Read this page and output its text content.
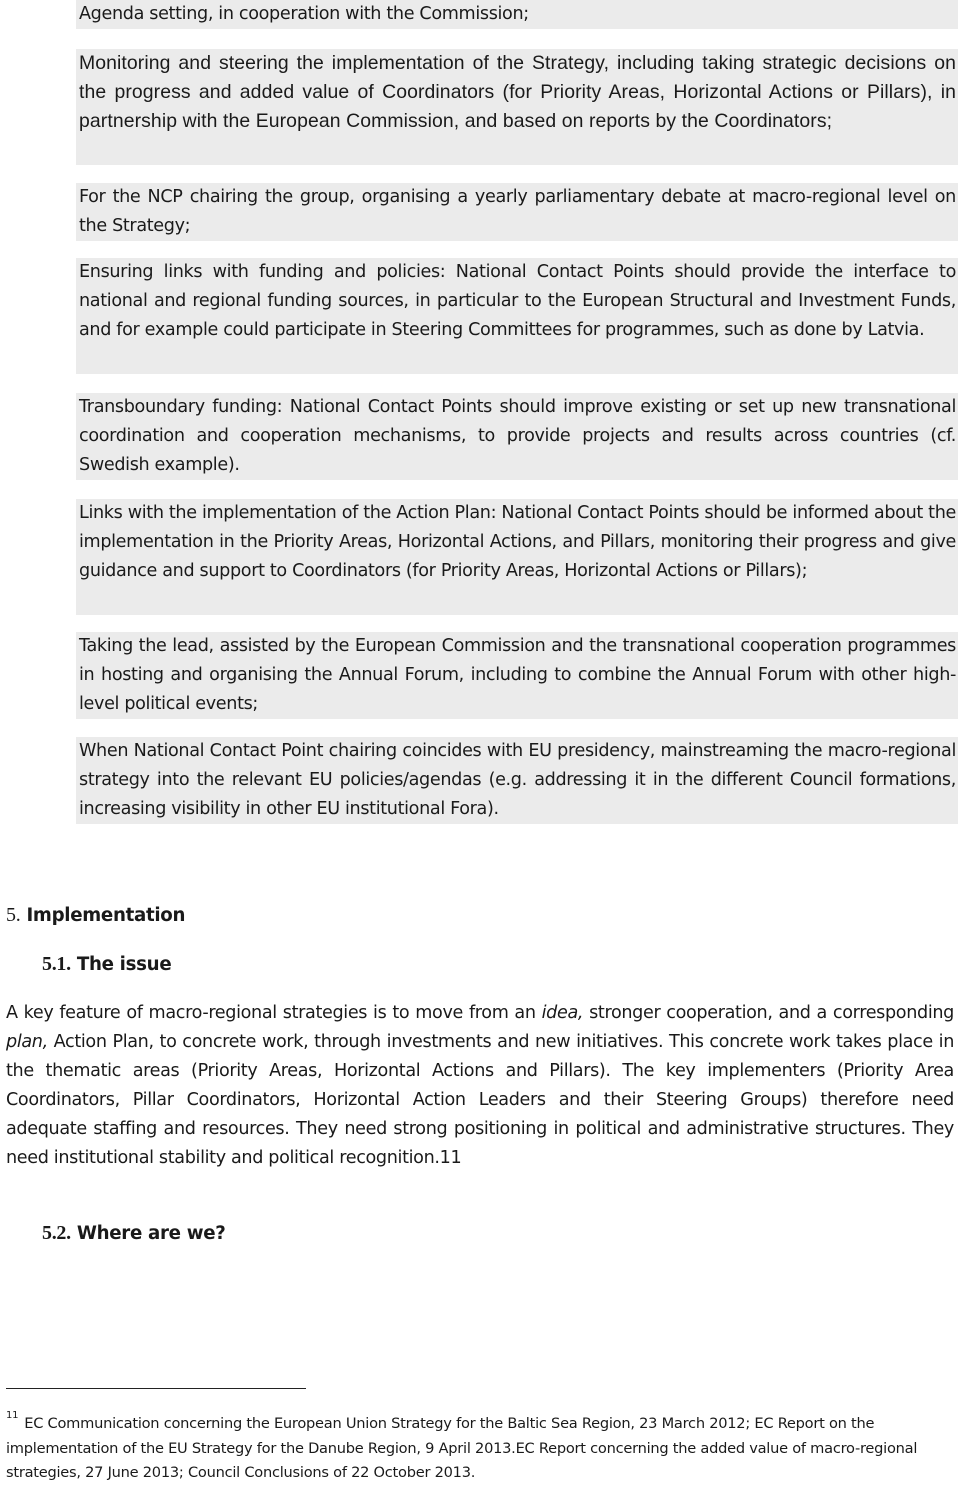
Agenda setting, in cooperation with the Commission;
Monitoring and steering the implementation of the Strategy, including taking strategic decisions on the progress and added value of Coordinators (for Priority Areas, Horizontal Actions or Pillars), in partnership with the European Commission, and based on reports by the Coordinators;
For the NCP chairing the group, organising a yearly parliamentary debate at macro-regional level on the Strategy;
Ensuring links with funding and policies: National Contact Points should provide the interface to national and regional funding sources, in particular to the European Structural and Investment Funds, and for example could participate in Steering Committees for programmes, such as done by Latvia.
Transboundary funding: National Contact Points should improve existing or set up new transnational coordination and cooperation mechanisms, to provide projects and results across countries (cf. Swedish example).
Links with the implementation of the Action Plan: National Contact Points should be informed about the implementation in the Priority Areas, Horizontal Actions, and Pillars, monitoring their progress and give guidance and support to Coordinators (for Priority Areas, Horizontal Actions or Pillars);
Taking the lead, assisted by the European Commission and the transnational cooperation programmes in hosting and organising the Annual Forum, including to combine the Annual Forum with other high-level political events;
When National Contact Point chairing coincides with EU presidency, mainstreaming the macro-regional strategy into the relevant EU policies/agendas (e.g. addressing it in the different Council formations, increasing visibility in other EU institutional Fora).
5. Implementation
5.1. The issue
A key feature of macro-regional strategies is to move from an idea, stronger cooperation, and a corresponding plan, Action Plan, to concrete work, through investments and new initiatives. This concrete work takes place in the thematic areas (Priority Areas, Horizontal Actions and Pillars). The key implementers (Priority Area Coordinators, Pillar Coordinators, Horizontal Action Leaders and their Steering Groups) therefore need adequate staffing and resources. They need strong positioning in political and administrative structures. They need institutional stability and political recognition.11
5.2. Where are we?
$^{11}$ EC Communication concerning the European Union Strategy for the Baltic Sea Region, 23 March 2012; EC Report on the implementation of the EU Strategy for the Danube Region, 9 April 2013.EC Report concerning the added value of macro-regional strategies, 27 June 2013; Council Conclusions of 22 October 2013.
